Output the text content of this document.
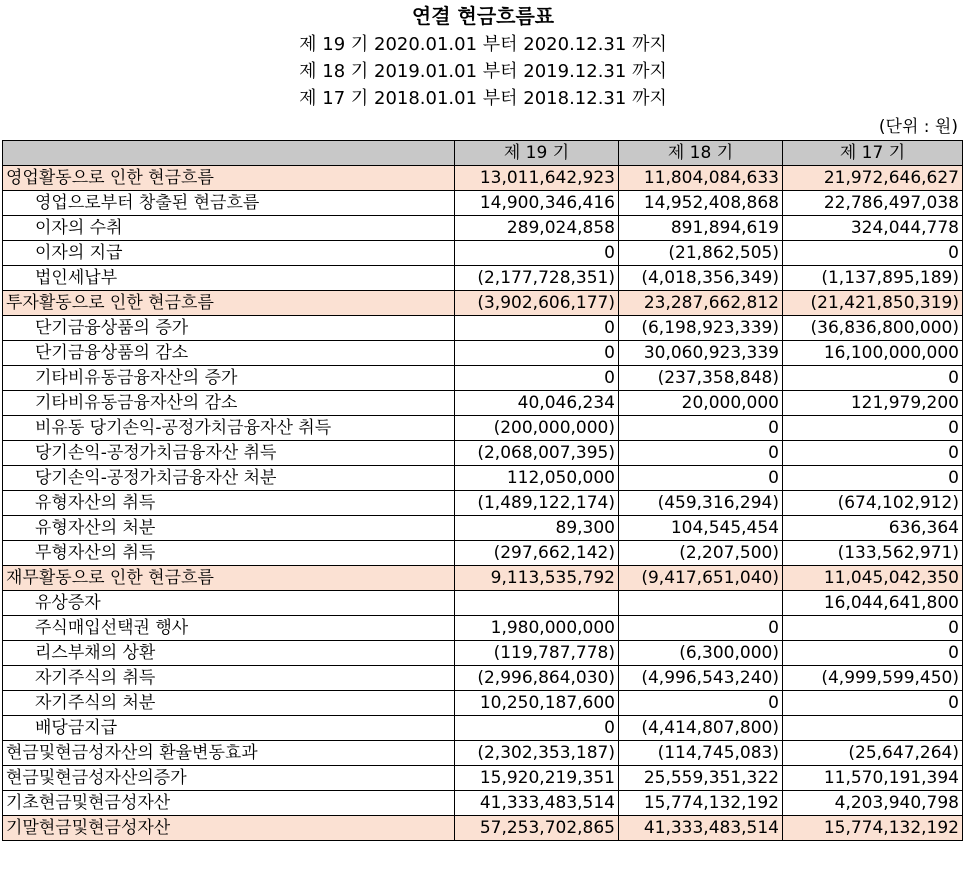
연결 현금흐름표
제 19 기 2020.01.01 부터 2020.12.31 까지
제 18 기 2019.01.01 부터 2019.12.31 까지
제 17 기 2018.01.01 부터 2018.12.31 까지
(단위 : 원)
	제 19 기	제 18 기	제 17 기
영업활동으로 인한 현금흐름	13,011,642,923	11,804,084,633	21,972,646,627
영업으로부터 창출된 현금흐름	14,900,346,416	14,952,408,868	22,786,497,038
이자의 수취	289,024,858	891,894,619	324,044,778
이자의 지급	0	(21,862,505)	0
법인세납부	(2,177,728,351)	(4,018,356,349)	(1,137,895,189)
투자활동으로 인한 현금흐름	(3,902,606,177)	23,287,662,812	(21,421,850,319)
단기금융상품의 증가	0	(6,198,923,339)	(36,836,800,000)
단기금융상품의 감소	0	30,060,923,339	16,100,000,000
기타비유동금융자산의 증가	0	(237,358,848)	0
기타비유동금융자산의 감소	40,046,234	20,000,000	121,979,200
비유동 당기손익-공정가치금융자산 취득	(200,000,000)	0	0
당기손익-공정가치금융자산 취득	(2,068,007,395)	0	0
당기손익-공정가치금융자산 처분	112,050,000	0	0
유형자산의 취득	(1,489,122,174)	(459,316,294)	(674,102,912)
유형자산의 처분	89,300	104,545,454	636,364
무형자산의 취득	(297,662,142)	(2,207,500)	(133,562,971)
재무활동으로 인한 현금흐름	9,113,535,792	(9,417,651,040)	11,045,042,350
유상증자			16,044,641,800
주식매입선택권 행사	1,980,000,000	0	0
리스부채의 상환	(119,787,778)	(6,300,000)	0
자기주식의 취득	(2,996,864,030)	(4,996,543,240)	(4,999,599,450)
자기주식의 처분	10,250,187,600	0	0
배당금지급	0	(4,414,807,800)	
현금및현금성자산의 환율변동효과	(2,302,353,187)	(114,745,083)	(25,647,264)
현금및현금성자산의증가	15,920,219,351	25,559,351,322	11,570,191,394
기초현금및현금성자산	41,333,483,514	15,774,132,192	4,203,940,798
기말현금및현금성자산	57,253,702,865	41,333,483,514	15,774,132,192
